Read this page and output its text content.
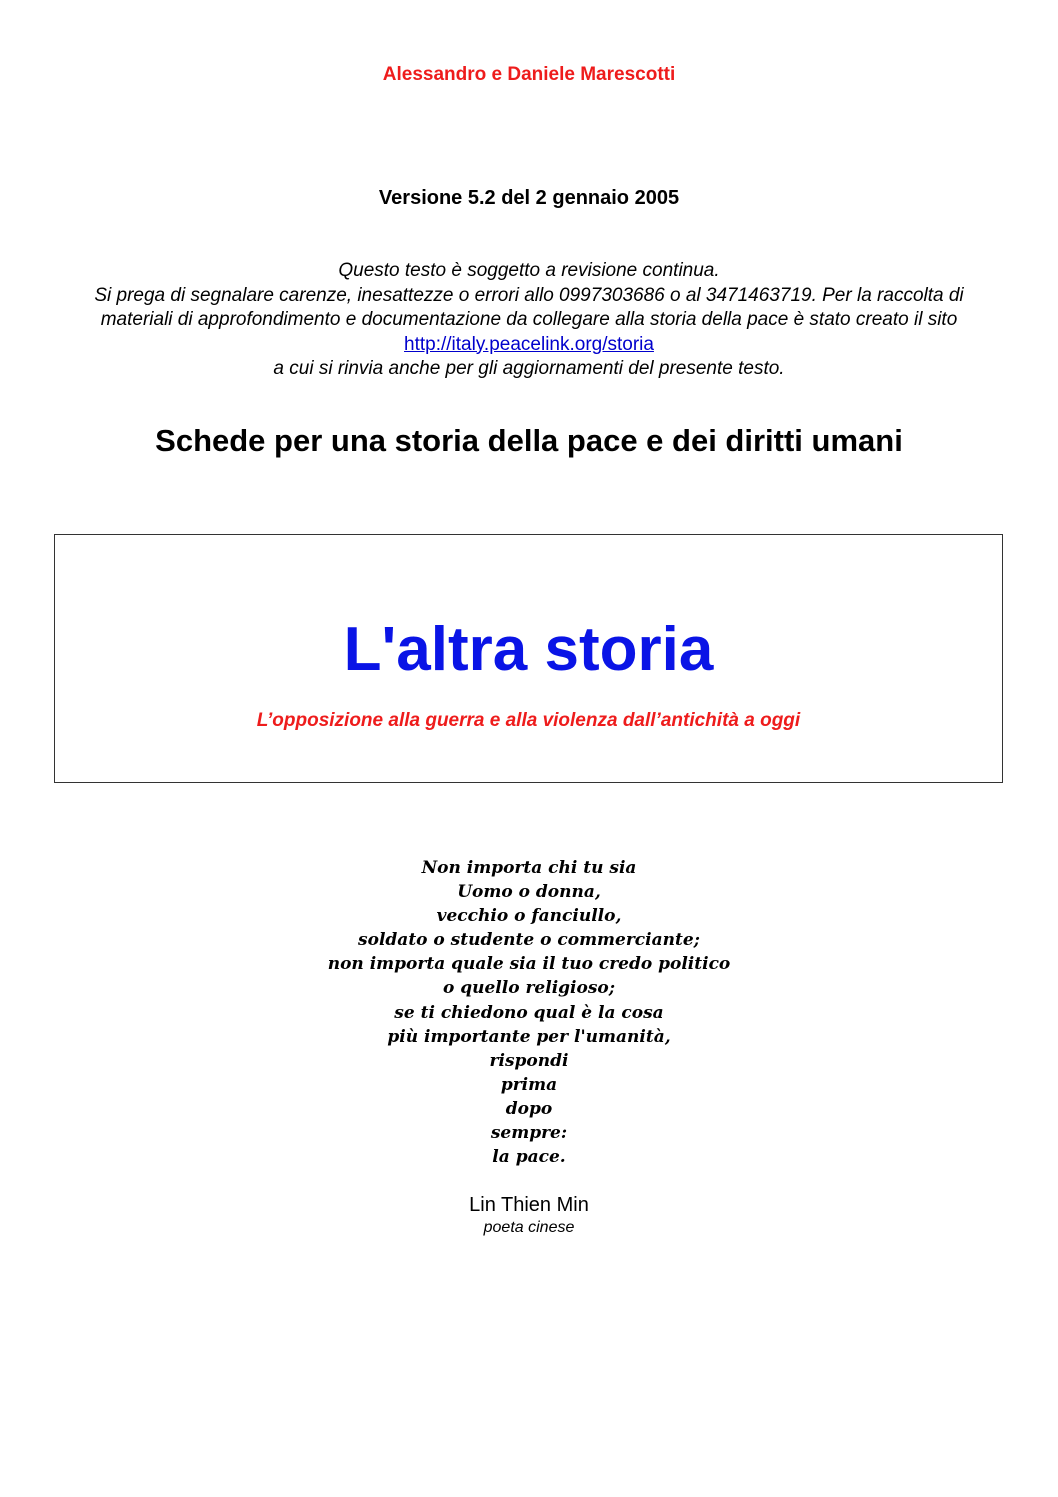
Alessandro e Daniele Marescotti
Versione 5.2 del 2 gennaio 2005
Questo testo è soggetto a revisione continua.
Si prega di segnalare carenze, inesattezze o errori allo 0997303686 o al 3471463719. Per la raccolta di materiali di approfondimento e documentazione da collegare alla storia della pace è stato creato il sito http://italy.peacelink.org/storia
a cui si rinvia anche per gli aggiornamenti del presente testo.
Schede per una storia della pace e dei diritti umani
L'altra storia
L’opposizione alla guerra e alla violenza dall’antichità a oggi
Non importa chi tu sia
Uomo o donna,
vecchio o fanciullo,
soldato o studente o commerciante;
non importa quale sia il tuo credo politico
o quello religioso;
se ti chiedono qual è la cosa
più importante per l'umanità,
rispondi
prima
dopo
sempre:
la pace.
Lin Thien Min
poeta cinese
